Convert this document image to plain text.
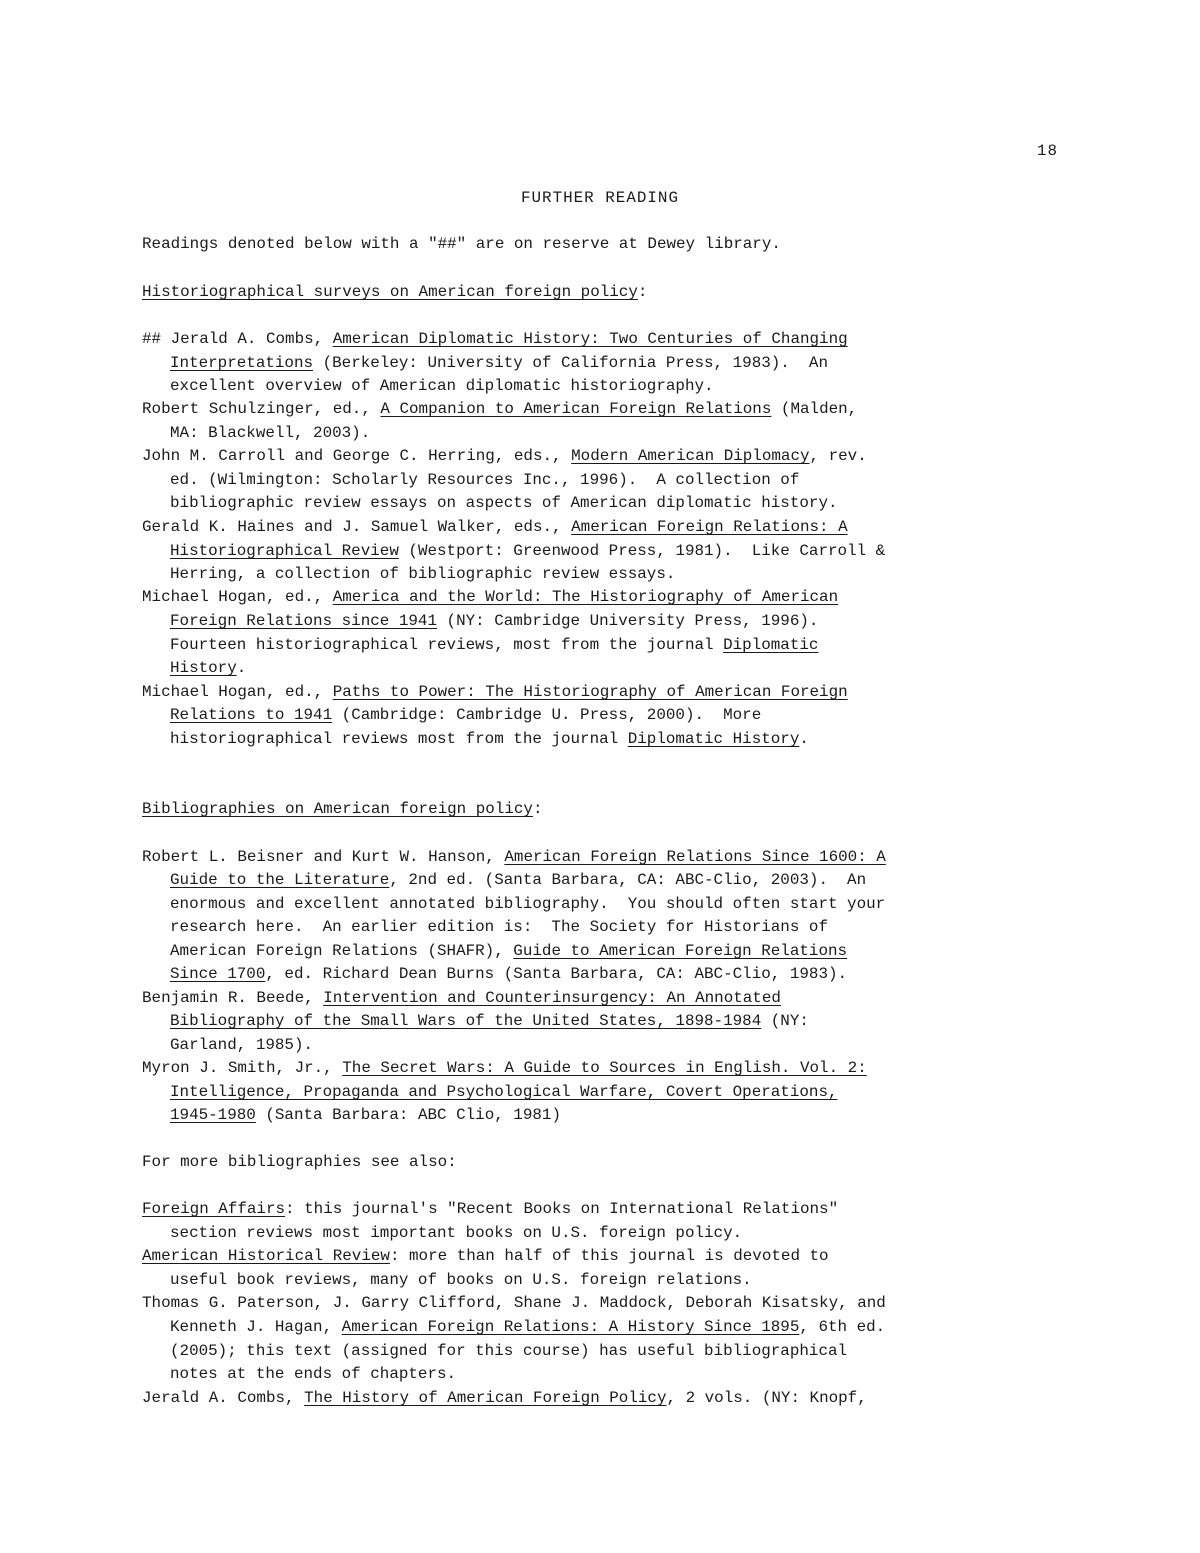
18
FURTHER READING
Readings denoted below with a "##" are on reserve at Dewey library.
Historiographical surveys on American foreign policy:
## Jerald A. Combs, American Diplomatic History: Two Centuries of Changing
Interpretations (Berkeley: University of California Press, 1983).  An
excellent overview of American diplomatic historiography.
Robert Schulzinger, ed., A Companion to American Foreign Relations (Malden,
MA: Blackwell, 2003).
John M. Carroll and George C. Herring, eds., Modern American Diplomacy, rev.
ed. (Wilmington: Scholarly Resources Inc., 1996).  A collection of
bibliographic review essays on aspects of American diplomatic history.
Gerald K. Haines and J. Samuel Walker, eds., American Foreign Relations: A
Historiographical Review (Westport: Greenwood Press, 1981).  Like Carroll &
Herring, a collection of bibliographic review essays.
Michael Hogan, ed., America and the World: The Historiography of American
Foreign Relations since 1941 (NY: Cambridge University Press, 1996).
Fourteen historiographical reviews, most from the journal Diplomatic
History.
Michael Hogan, ed., Paths to Power: The Historiography of American Foreign
Relations to 1941 (Cambridge: Cambridge U. Press, 2000).  More
historiographical reviews most from the journal Diplomatic History.
Bibliographies on American foreign policy:
Robert L. Beisner and Kurt W. Hanson, American Foreign Relations Since 1600: A
Guide to the Literature, 2nd ed. (Santa Barbara, CA: ABC-Clio, 2003).  An
enormous and excellent annotated bibliography.  You should often start your
research here.  An earlier edition is:  The Society for Historians of
American Foreign Relations (SHAFR), Guide to American Foreign Relations
Since 1700, ed. Richard Dean Burns (Santa Barbara, CA: ABC-Clio, 1983).
Benjamin R. Beede, Intervention and Counterinsurgency: An Annotated
Bibliography of the Small Wars of the United States, 1898-1984 (NY:
Garland, 1985).
Myron J. Smith, Jr., The Secret Wars: A Guide to Sources in English. Vol. 2:
Intelligence, Propaganda and Psychological Warfare, Covert Operations,
1945-1980 (Santa Barbara: ABC Clio, 1981)
For more bibliographies see also:
Foreign Affairs: this journal's "Recent Books on International Relations"
section reviews most important books on U.S. foreign policy.
American Historical Review: more than half of this journal is devoted to
useful book reviews, many of books on U.S. foreign relations.
Thomas G. Paterson, J. Garry Clifford, Shane J. Maddock, Deborah Kisatsky, and
Kenneth J. Hagan, American Foreign Relations: A History Since 1895, 6th ed.
(2005); this text (assigned for this course) has useful bibliographical
notes at the ends of chapters.
Jerald A. Combs, The History of American Foreign Policy, 2 vols. (NY: Knopf,
